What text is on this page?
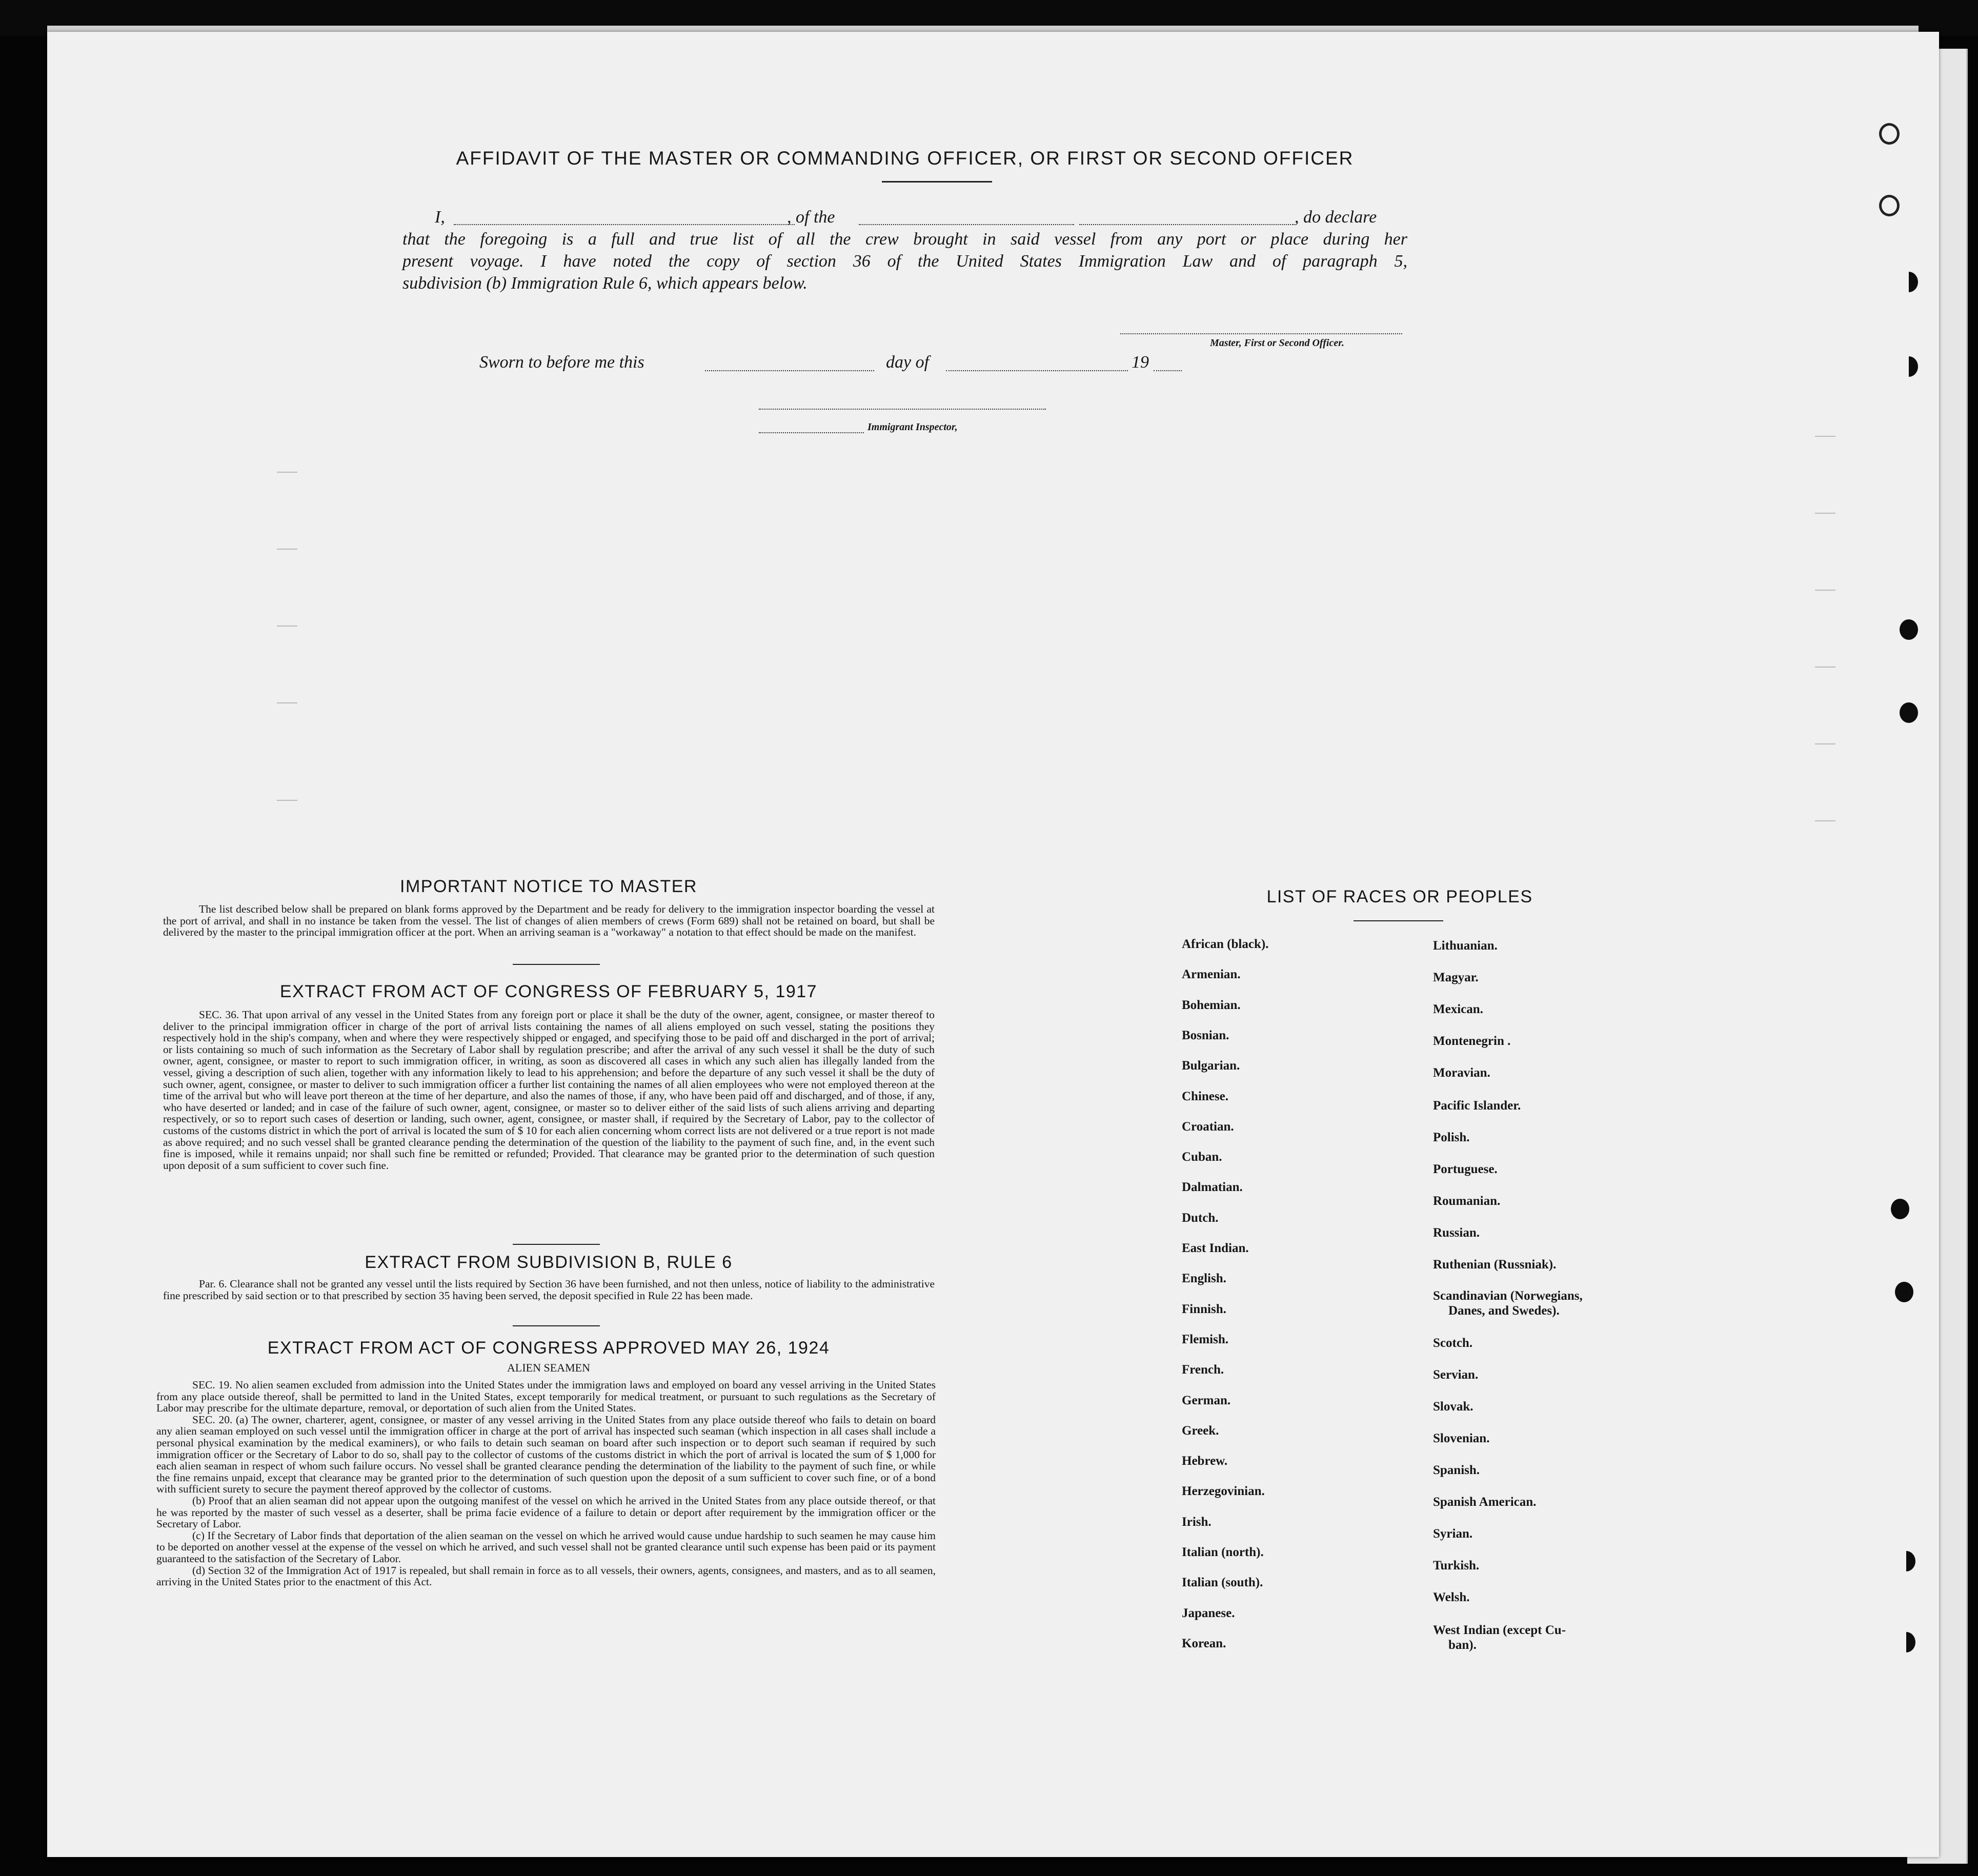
AFFIDAVIT OF THE MASTER OR COMMANDING OFFICER, OR FIRST OR SECOND OFFICER
I,	, of the	, do declare
that the foregoing is a full and true list of all the crew brought in said vessel from any port or place during her
present voyage. I have noted the copy of section 36 of the United States Immigration Law and of paragraph 5,
subdivision (b) Immigration Rule 6, which appears below.
Master, First or Second Officer.
Sworn to before me this	day of	19
Immigrant Inspector,
IMPORTANT NOTICE TO MASTER

The list described below shall be prepared on blank forms approved by the Department and be ready for delivery to the immigration inspector boarding the vessel at the port of arrival, and shall in no instance be taken from the vessel. The list of changes of alien members of crews (Form 689) shall not be retained on board, but shall be delivered by the master to the principal immigration officer at the port. When an arriving seaman is a "workaway" a notation to that effect should be made on the manifest.

EXTRACT FROM ACT OF CONGRESS OF FEBRUARY 5, 1917

SEC. 36. That upon arrival of any vessel in the United States from any foreign port or place it shall be the duty of the owner, agent, consignee, or master thereof to deliver to the principal immigration officer in charge of the port of arrival lists containing the names of all aliens employed on such vessel, stating the positions they respectively hold in the ship's company, when and where they were respectively shipped or engaged, and specifying those to be paid off and discharged in the port of arrival; or lists containing so much of such information as the Secretary of Labor shall by regulation prescribe; and after the arrival of any such vessel it shall be the duty of such owner, agent, consignee, or master to report to such immigration officer, in writing, as soon as discovered all cases in which any such alien has illegally landed from the vessel, giving a description of such alien, together with any information likely to lead to his apprehension; and before the departure of any such vessel it shall be the duty of such owner, agent, consignee, or master to deliver to such immigration officer a further list containing the names of all alien employees who were not employed thereon at the time of the arrival but who will leave port thereon at the time of her departure, and also the names of those, if any, who have been paid off and discharged, and of those, if any, who have deserted or landed; and in case of the failure of such owner, agent, consignee, or master so to deliver either of the said lists of such aliens arriving and departing respectively, or so to report such cases of desertion or landing, such owner, agent, consignee, or master shall, if required by the Secretary of Labor, pay to the collector of customs of the customs district in which the port of arrival is located the sum of $ 10 for each alien concerning whom correct lists are not delivered or a true report is not made as above required; and no such vessel shall be granted clearance pending the determination of the question of the liability to the payment of such fine, and, in the event such fine is imposed, while it remains unpaid; nor shall such fine be remitted or refunded; Provided. That clearance may be granted prior to the determination of such question upon deposit of a sum sufficient to cover such fine.

EXTRACT FROM SUBDIVISION B, RULE 6

Par. 6. Clearance shall not be granted any vessel until the lists required by Section 36 have been furnished, and not then unless, notice of liability to the administrative fine prescribed by said section or to that prescribed by section 35 having been served, the deposit specified in Rule 22 has been made.

EXTRACT FROM ACT OF CONGRESS APPROVED MAY 26, 1924
ALIEN SEAMEN

SEC. 19. No alien seamen excluded from admission into the United States under the immigration laws and employed on board any vessel arriving in the United States from any place outside thereof, shall be permitted to land in the United States, except temporarily for medical treatment, or pursuant to such regulations as the Secretary of Labor may prescribe for the ultimate departure, removal, or deportation of such alien from the United States.

SEC. 20. (a) The owner, charterer, agent, consignee, or master of any vessel arriving in the United States from any place outside thereof who fails to detain on board any alien seaman employed on such vessel until the immigration officer in charge at the port of arrival has inspected such seaman (which inspection in all cases shall include a personal physical examination by the medical examiners), or who fails to detain such seaman on board after such inspection or to deport such seaman if required by such immigration officer or the Secretary of Labor to do so, shall pay to the collector of customs of the customs district in which the port of arrival is located the sum of $ 1,000 for each alien seaman in respect of whom such failure occurs. No vessel shall be granted clearance pending the determination of the liability to the payment of such fine, or while the fine remains unpaid, except that clearance may be granted prior to the determination of such question upon the deposit of a sum sufficient to cover such fine, or of a bond with sufficient surety to secure the payment thereof approved by the collector of customs.

(b) Proof that an alien seaman did not appear upon the outgoing manifest of the vessel on which he arrived in the United States from any place outside thereof, or that he was reported by the master of such vessel as a deserter, shall be prima facie evidence of a failure to detain or deport after requirement by the immigration officer or the Secretary of Labor.

(c) If the Secretary of Labor finds that deportation of the alien seaman on the vessel on which he arrived would cause undue hardship to such seamen he may cause him to be deported on another vessel at the expense of the vessel on which he arrived, and such vessel shall not be granted clearance until such expense has been paid or its payment guaranteed to the satisfaction of the Secretary of Labor.

(d) Section 32 of the Immigration Act of 1917 is repealed, but shall remain in force as to all vessels, their owners, agents, consignees, and masters, and as to all seamen, arriving in the United States prior to the enactment of this Act.

LIST OF RACES OR PEOPLES
African (black).
Armenian.
Bohemian.
Bosnian.
Bulgarian.
Chinese.
Croatian.
Cuban.
Dalmatian.
Dutch.
East Indian.
English.
Finnish.
Flemish.
French.
German.
Greek.
Hebrew.
Herzegovinian.
Irish.
Italian (north).
Italian (south).
Japanese.
Korean.
Lithuanian.
Magyar.
Mexican.
Montenegrin .
Moravian.
Pacific Islander.
Polish.
Portuguese.
Roumanian.
Russian.
Ruthenian (Russniak).
Scandinavian (Norwegians,
Danes, and Swedes).
Scotch.
Servian.
Slovak.
Slovenian.
Spanish.
Spanish American.
Syrian.
Turkish.
Welsh.
West Indian (except Cu-
ban).
